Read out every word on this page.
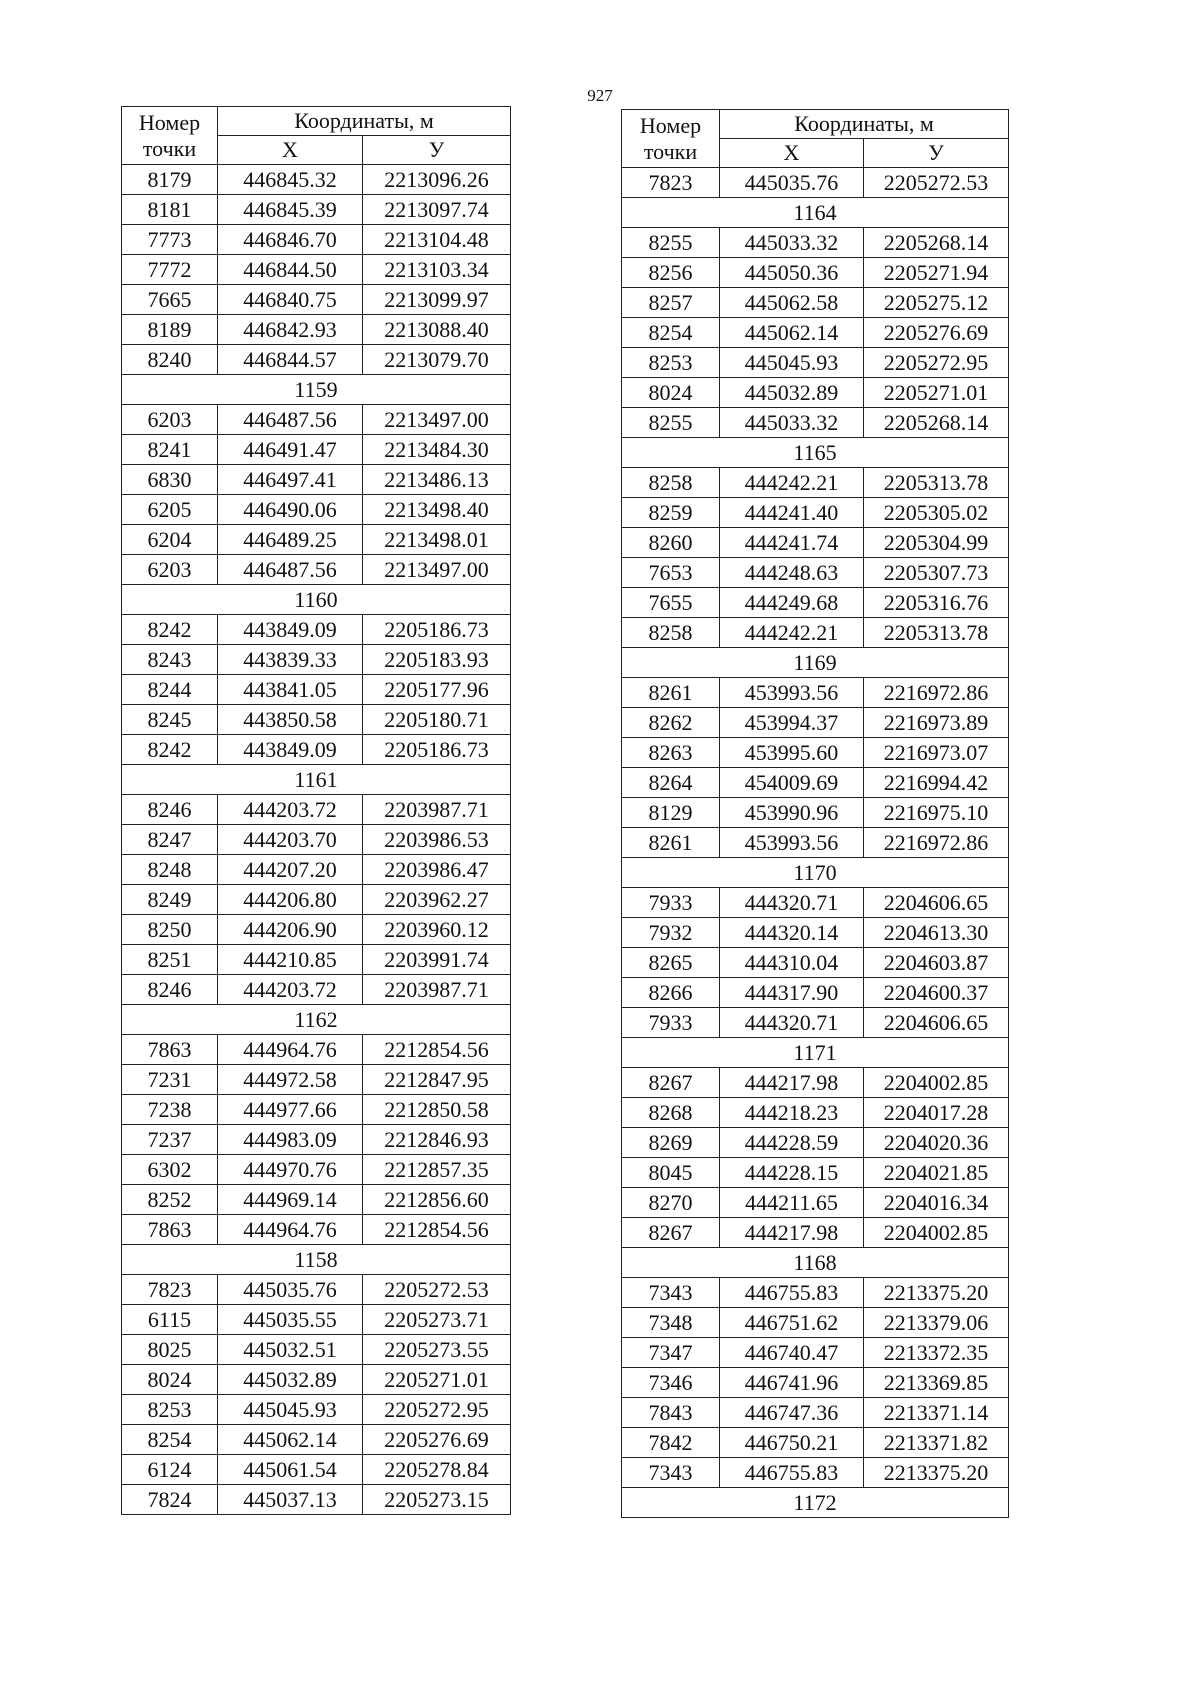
927
Номер
точки	Координаты, м	
	X	У
8179	446845.32	2213096.26
8181	446845.39	2213097.74
7773	446846.70	2213104.48
7772	446844.50	2213103.34
7665	446840.75	2213099.97
8189	446842.93	2213088.40
8240	446844.57	2213079.70
1159		
6203	446487.56	2213497.00
8241	446491.47	2213484.30
6830	446497.41	2213486.13
6205	446490.06	2213498.40
6204	446489.25	2213498.01
6203	446487.56	2213497.00
1160		
8242	443849.09	2205186.73
8243	443839.33	2205183.93
8244	443841.05	2205177.96
8245	443850.58	2205180.71
8242	443849.09	2205186.73
1161		
8246	444203.72	2203987.71
8247	444203.70	2203986.53
8248	444207.20	2203986.47
8249	444206.80	2203962.27
8250	444206.90	2203960.12
8251	444210.85	2203991.74
8246	444203.72	2203987.71
1162		
7863	444964.76	2212854.56
7231	444972.58	2212847.95
7238	444977.66	2212850.58
7237	444983.09	2212846.93
6302	444970.76	2212857.35
8252	444969.14	2212856.60
7863	444964.76	2212854.56
1158		
7823	445035.76	2205272.53
6115	445035.55	2205273.71
8025	445032.51	2205273.55
8024	445032.89	2205271.01
8253	445045.93	2205272.95
8254	445062.14	2205276.69
6124	445061.54	2205278.84
7824	445037.13	2205273.15
Номер
точки	Координаты, м	
	X	У
7823	445035.76	2205272.53
1164		
8255	445033.32	2205268.14
8256	445050.36	2205271.94
8257	445062.58	2205275.12
8254	445062.14	2205276.69
8253	445045.93	2205272.95
8024	445032.89	2205271.01
8255	445033.32	2205268.14
1165		
8258	444242.21	2205313.78
8259	444241.40	2205305.02
8260	444241.74	2205304.99
7653	444248.63	2205307.73
7655	444249.68	2205316.76
8258	444242.21	2205313.78
1169		
8261	453993.56	2216972.86
8262	453994.37	2216973.89
8263	453995.60	2216973.07
8264	454009.69	2216994.42
8129	453990.96	2216975.10
8261	453993.56	2216972.86
1170		
7933	444320.71	2204606.65
7932	444320.14	2204613.30
8265	444310.04	2204603.87
8266	444317.90	2204600.37
7933	444320.71	2204606.65
1171		
8267	444217.98	2204002.85
8268	444218.23	2204017.28
8269	444228.59	2204020.36
8045	444228.15	2204021.85
8270	444211.65	2204016.34
8267	444217.98	2204002.85
1168		
7343	446755.83	2213375.20
7348	446751.62	2213379.06
7347	446740.47	2213372.35
7346	446741.96	2213369.85
7843	446747.36	2213371.14
7842	446750.21	2213371.82
7343	446755.83	2213375.20
1172		
